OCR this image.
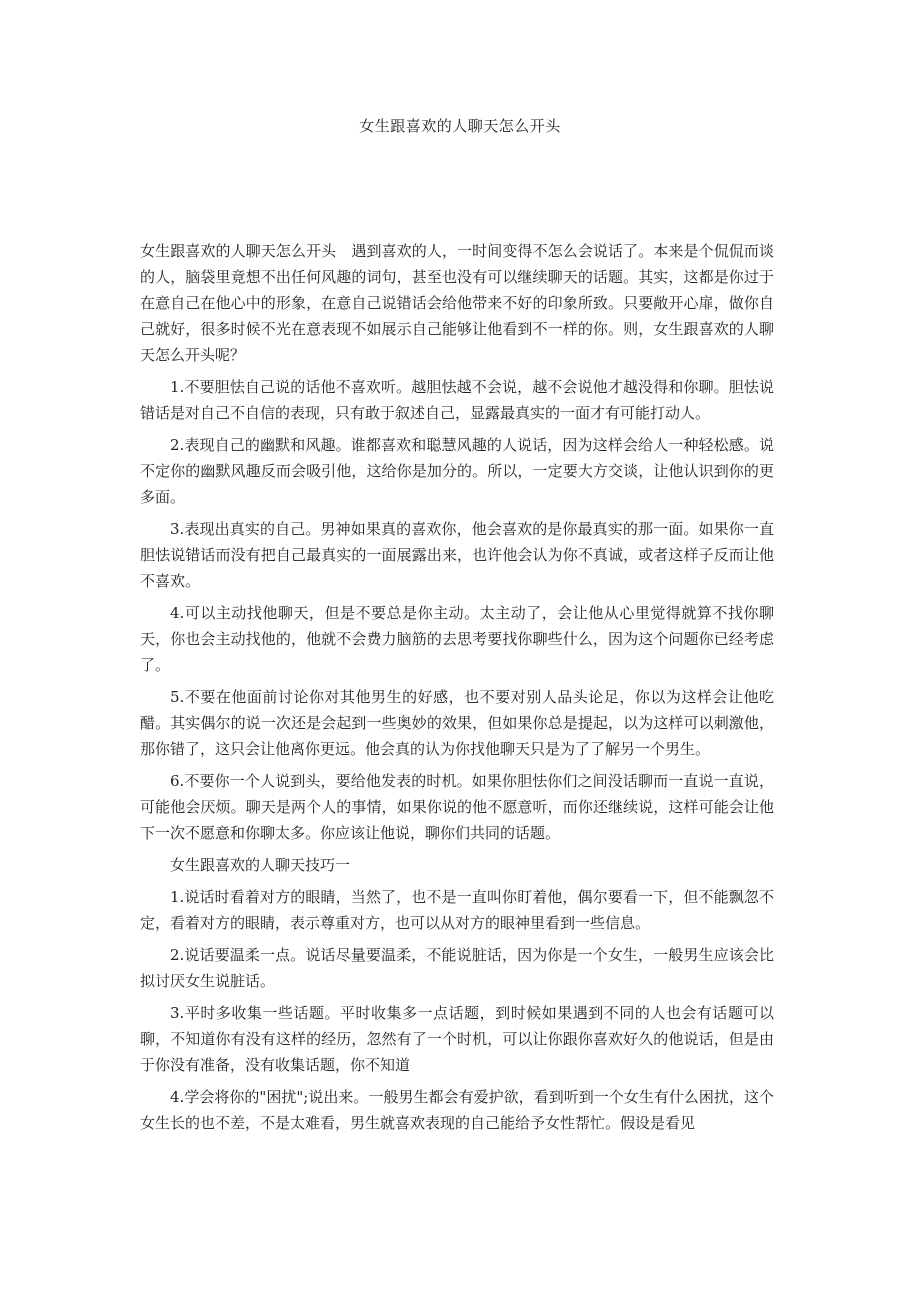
女生跟喜欢的人聊天怎么开头

女生跟喜欢的人聊天怎么开头　遇到喜欢的人，一时间变得不怎么会说话了。本来是个侃侃而谈的人，脑袋里竟想不出任何风趣的词句，甚至也没有可以继续聊天的话题。其实，这都是你过于在意自己在他心中的形象，在意自己说错话会给他带来不好的印象所致。只要敞开心扉，做你自己就好，很多时候不光在意表现不如展示自己能够让他看到不一样的你。则，女生跟喜欢的人聊天怎么开头呢？

1.不要胆怯自己说的话他不喜欢听。越胆怯越不会说，越不会说他才越没得和你聊。胆怯说错话是对自己不自信的表现，只有敢于叙述自己，显露最真实的一面才有可能打动人。

2.表现自己的幽默和风趣。谁都喜欢和聪慧风趣的人说话，因为这样会给人一种轻松感。说不定你的幽默风趣反而会吸引他，这给你是加分的。所以，一定要大方交谈，让他认识到你的更多面。

3.表现出真实的自己。男神如果真的喜欢你，他会喜欢的是你最真实的那一面。如果你一直胆怯说错话而没有把自己最真实的一面展露出来，也许他会认为你不真诚，或者这样子反而让他不喜欢。

4.可以主动找他聊天，但是不要总是你主动。太主动了，会让他从心里觉得就算不找你聊天，你也会主动找他的，他就不会费力脑筋的去思考要找你聊些什么，因为这个问题你已经考虑了。

5.不要在他面前讨论你对其他男生的好感，也不要对别人品头论足，你以为这样会让他吃醋。其实偶尔的说一次还是会起到一些奥妙的效果，但如果你总是提起，以为这样可以刺激他，那你错了，这只会让他离你更远。他会真的认为你找他聊天只是为了了解另一个男生。

6.不要你一个人说到头，要给他发表的时机。如果你胆怯你们之间没话聊而一直说一直说，可能他会厌烦。聊天是两个人的事情，如果你说的他不愿意听，而你还继续说，这样可能会让他下一次不愿意和你聊太多。你应该让他说，聊你们共同的话题。

女生跟喜欢的人聊天技巧一

1.说话时看着对方的眼睛，当然了，也不是一直叫你盯着他，偶尔要看一下，但不能飘忽不定，看着对方的眼睛，表示尊重对方，也可以从对方的眼神里看到一些信息。

2.说话要温柔一点。说话尽量要温柔，不能说脏话，因为你是一个女生，一般男生应该会比拟讨厌女生说脏话。

3.平时多收集一些话题。平时收集多一点话题，到时候如果遇到不同的人也会有话题可以聊，不知道你有没有这样的经历，忽然有了一个时机，可以让你跟你喜欢好久的他说话，但是由于你没有准备，没有收集话题，你不知道

4.学会将你的"困扰";说出来。一般男生都会有爱护欲，看到听到一个女生有什么困扰，这个女生长的也不差，不是太难看，男生就喜欢表现的自己能给予女性帮忙。假设是看见
